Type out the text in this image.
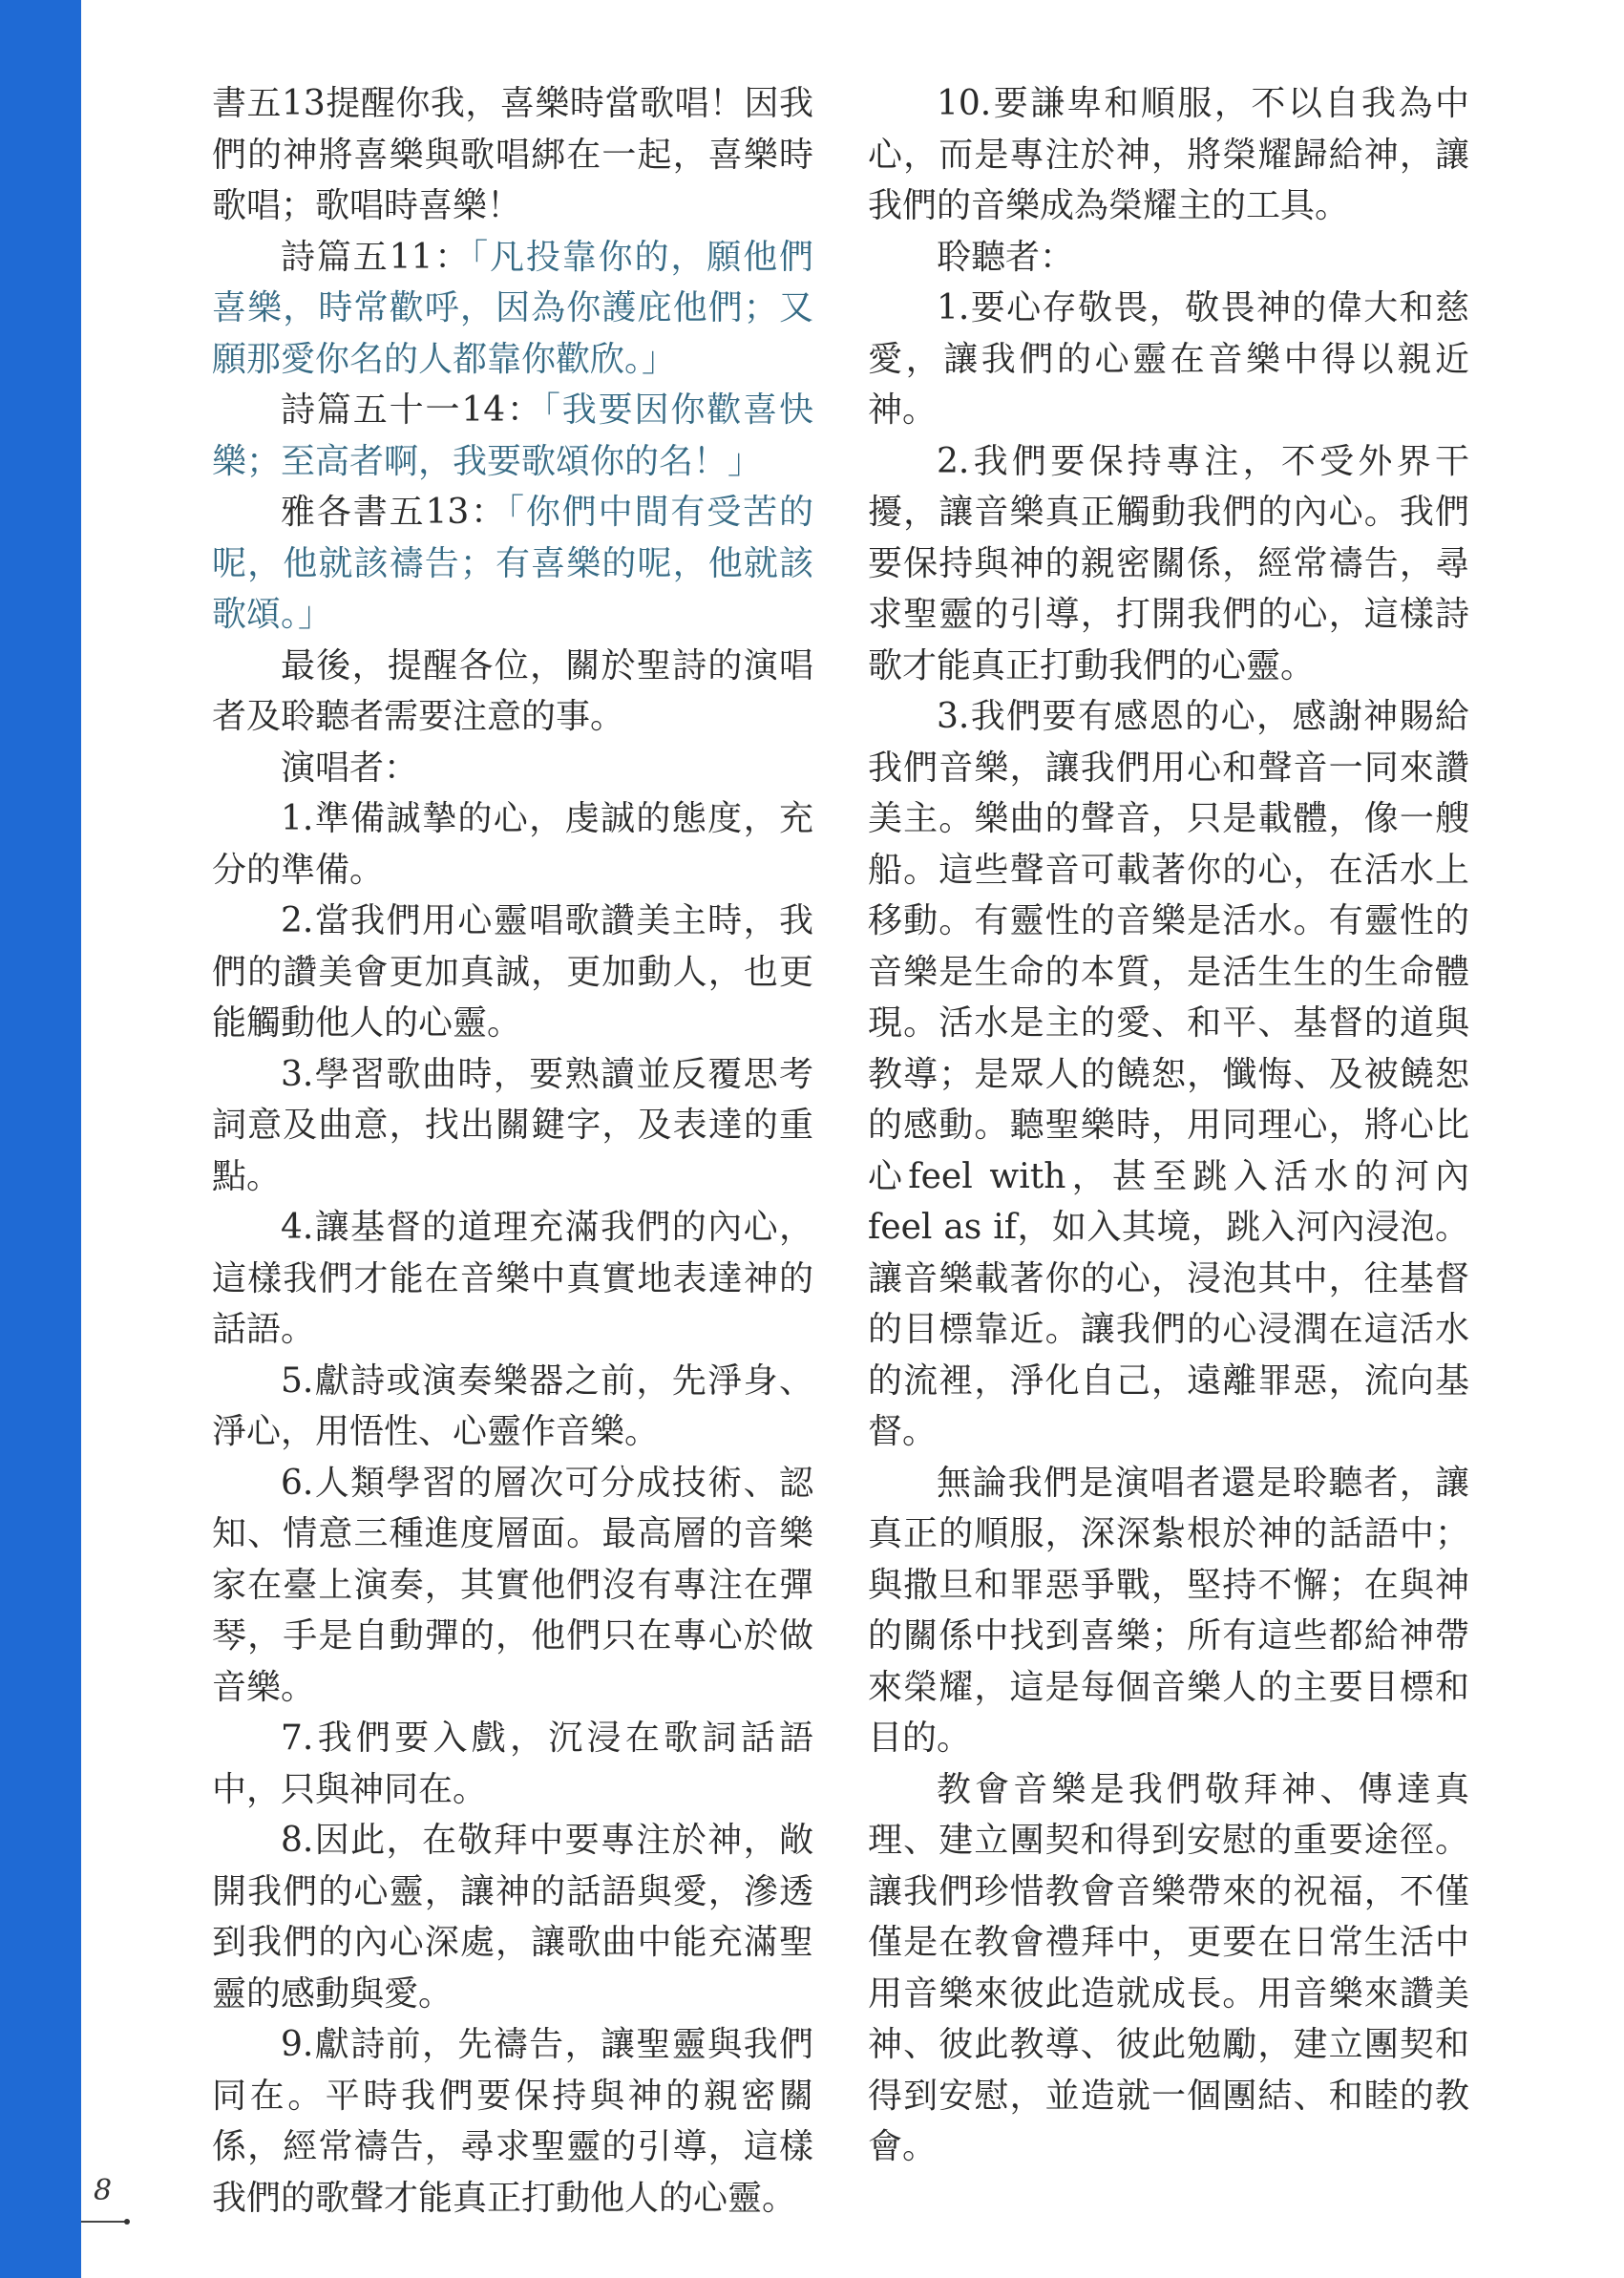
書五13提醒你我，喜樂時當歌唱！因我們的神將喜樂與歌唱綁在一起，喜樂時歌唱；歌唱時喜樂！

詩篇五11：「凡投靠你的，願他們喜樂，時常歡呼，因為你護庇他們；又願那愛你名的人都靠你歡欣。」

詩篇五十一14：「我要因你歡喜快樂；至高者啊，我要歌頌你的名！」

雅各書五13：「你們中間有受苦的呢，他就該禱告；有喜樂的呢，他就該歌頌。」

最後，提醒各位，關於聖詩的演唱者及聆聽者需要注意的事。

演唱者：

1.準備誠摯的心，虔誠的態度，充分的準備。

2.當我們用心靈唱歌讚美主時，我們的讚美會更加真誠，更加動人，也更能觸動他人的心靈。

3.學習歌曲時，要熟讀並反覆思考詞意及曲意，找出關鍵字，及表達的重點。

4.讓基督的道理充滿我們的內心，這樣我們才能在音樂中真實地表達神的話語。

5.獻詩或演奏樂器之前，先淨身、淨心，用悟性、心靈作音樂。

6.人類學習的層次可分成技術、認知、情意三種進度層面。最高層的音樂家在臺上演奏，其實他們沒有專注在彈琴，手是自動彈的，他們只在專心於做音樂。

7.我們要入戲，沉浸在歌詞話語中，只與神同在。

8.因此，在敬拜中要專注於神，敞開我們的心靈，讓神的話語與愛，滲透到我們的內心深處，讓歌曲中能充滿聖靈的感動與愛。

9.獻詩前，先禱告，讓聖靈與我們同在。平時我們要保持與神的親密關係，經常禱告，尋求聖靈的引導，這樣我們的歌聲才能真正打動他人的心靈。

10.要謙卑和順服，不以自我為中心，而是專注於神，將榮耀歸給神，讓我們的音樂成為榮耀主的工具。

聆聽者：

1.要心存敬畏，敬畏神的偉大和慈愛，讓我們的心靈在音樂中得以親近神。

2.我們要保持專注，不受外界干擾，讓音樂真正觸動我們的內心。我們要保持與神的親密關係，經常禱告，尋求聖靈的引導，打開我們的心，這樣詩歌才能真正打動我們的心靈。

3.我們要有感恩的心，感謝神賜給我們音樂，讓我們用心和聲音一同來讚美主。樂曲的聲音，只是載體，像一艘船。這些聲音可載著你的心，在活水上移動。有靈性的音樂是活水。有靈性的音樂是生命的本質，是活生生的生命體現。活水是主的愛、和平、基督的道與教導；是眾人的饒恕，懺悔、及被饒恕的感動。聽聖樂時，用同理心，將心比心feel with，甚至跳入活水的河內 feel as if，如入其境，跳入河內浸泡。讓音樂載著你的心，浸泡其中，往基督的目標靠近。讓我們的心浸潤在這活水的流裡，淨化自己，遠離罪惡，流向基督。

無論我們是演唱者還是聆聽者，讓真正的順服，深深紮根於神的話語中；與撒旦和罪惡爭戰，堅持不懈；在與神的關係中找到喜樂；所有這些都給神帶來榮耀，這是每個音樂人的主要目標和目的。

教會音樂是我們敬拜神、傳達真理、建立團契和得到安慰的重要途徑。讓我們珍惜教會音樂帶來的祝福，不僅僅是在教會禮拜中，更要在日常生活中用音樂來彼此造就成長。用音樂來讚美神、彼此教導、彼此勉勵，建立團契和得到安慰，並造就一個團結、和睦的教會。

8
